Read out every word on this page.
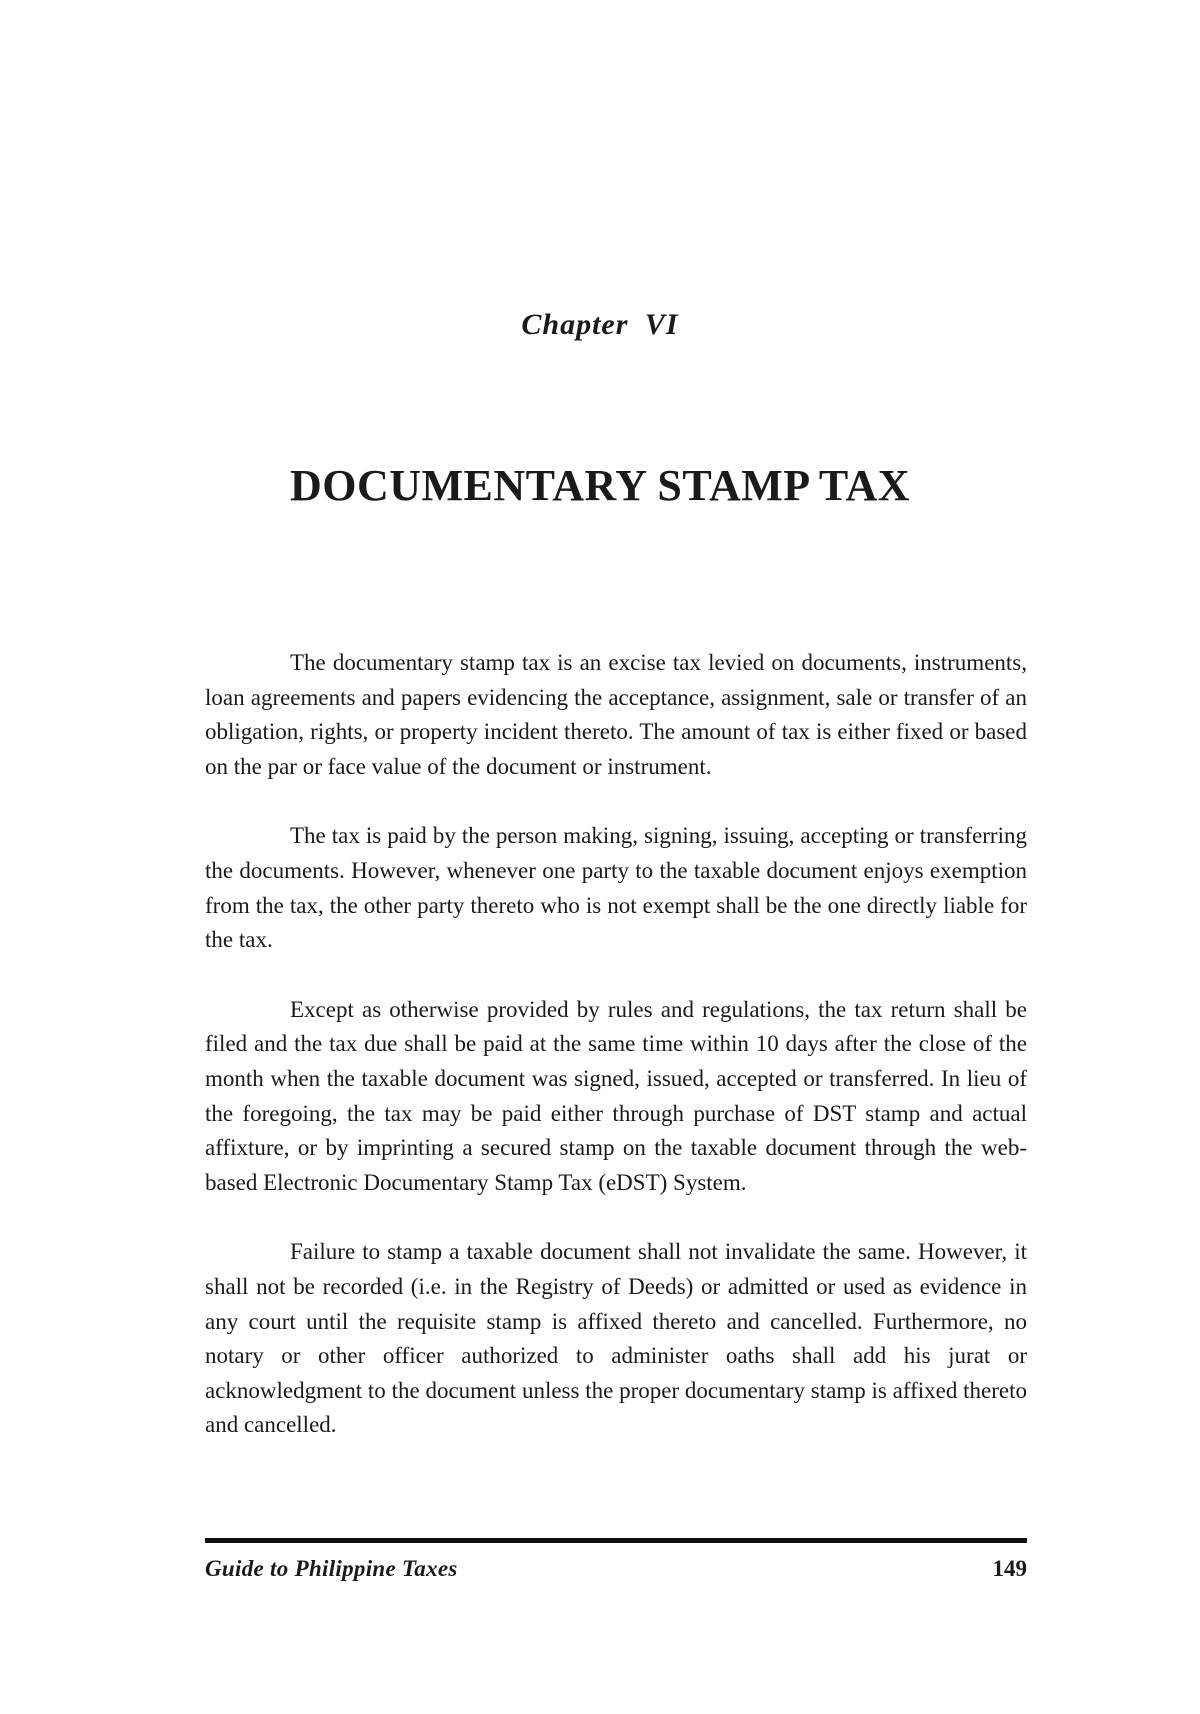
Chapter VI
DOCUMENTARY STAMP TAX

The documentary stamp tax is an excise tax levied on documents, instruments, loan agreements and papers evidencing the acceptance, assignment, sale or transfer of an obligation, rights, or property incident thereto. The amount of tax is either fixed or based on the par or face value of the document or instrument.

The tax is paid by the person making, signing, issuing, accepting or transferring the documents. However, whenever one party to the taxable document enjoys exemption from the tax, the other party thereto who is not exempt shall be the one directly liable for the tax.

Except as otherwise provided by rules and regulations, the tax return shall be filed and the tax due shall be paid at the same time within 10 days after the close of the month when the taxable document was signed, issued, accepted or transferred. In lieu of the foregoing, the tax may be paid either through purchase of DST stamp and actual affixture, or by imprinting a secured stamp on the taxable document through the web-based Electronic Documentary Stamp Tax (eDST) System.

Failure to stamp a taxable document shall not invalidate the same. However, it shall not be recorded (i.e. in the Registry of Deeds) or admitted or used as evidence in any court until the requisite stamp is affixed thereto and cancelled. Furthermore, no notary or other officer authorized to administer oaths shall add his jurat or acknowledgment to the document unless the proper documentary stamp is affixed thereto and cancelled.

Guide to Philippine Taxes	149
